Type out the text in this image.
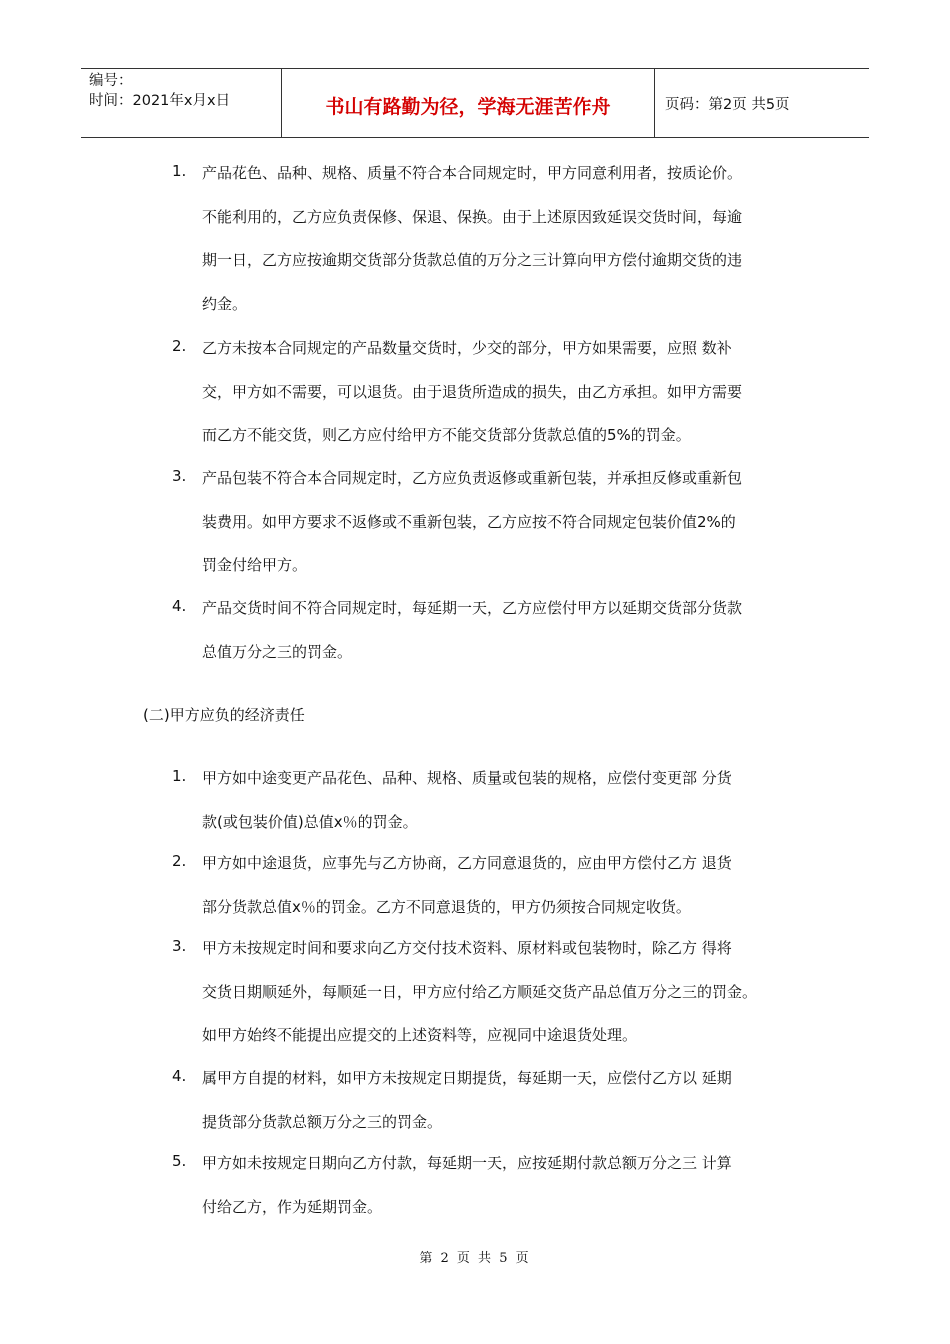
编号：
时间：2021年x月x日	书山有路勤为径，学海无涯苦作舟	页码：第2页 共5页
1. 产品花色、品种、规格、质量不符合本合同规定时，甲方同意利用者，按质论价。
不能利用的，乙方应负责保修、保退、保换。由于上述原因致延误交货时间，每逾
期一日，乙方应按逾期交货部分货款总值的万分之三计算向甲方偿付逾期交货的违
约金。
2. 乙方未按本合同规定的产品数量交货时，少交的部分，甲方如果需要，应照 数补
交，甲方如不需要，可以退货。由于退货所造成的损失，由乙方承担。如甲方需要
而乙方不能交货，则乙方应付给甲方不能交货部分货款总值的5%的罚金。
3. 产品包装不符合本合同规定时，乙方应负责返修或重新包装，并承担反修或重新包
装费用。如甲方要求不返修或不重新包装，乙方应按不符合同规定包装价值2%的
罚金付给甲方。
4. 产品交货时间不符合同规定时，每延期一天，乙方应偿付甲方以延期交货部分货款
总值万分之三的罚金。
(二)甲方应负的经济责任
1. 甲方如中途变更产品花色、品种、规格、质量或包装的规格，应偿付变更部 分货
款(或包装价值)总值x％的罚金。
2. 甲方如中途退货，应事先与乙方协商，乙方同意退货的，应由甲方偿付乙方 退货
部分货款总值x％的罚金。乙方不同意退货的，甲方仍须按合同规定收货。
3. 甲方未按规定时间和要求向乙方交付技术资料、原材料或包装物时，除乙方 得将
交货日期顺延外，每顺延一日，甲方应付给乙方顺延交货产品总值万分之三的罚金。
如甲方始终不能提出应提交的上述资料等，应视同中途退货处理。
4. 属甲方自提的材料，如甲方未按规定日期提货，每延期一天，应偿付乙方以 延期
提货部分货款总额万分之三的罚金。
5. 甲方如未按规定日期向乙方付款，每延期一天，应按延期付款总额万分之三 计算
付给乙方，作为延期罚金。
第 2 页 共 5 页
